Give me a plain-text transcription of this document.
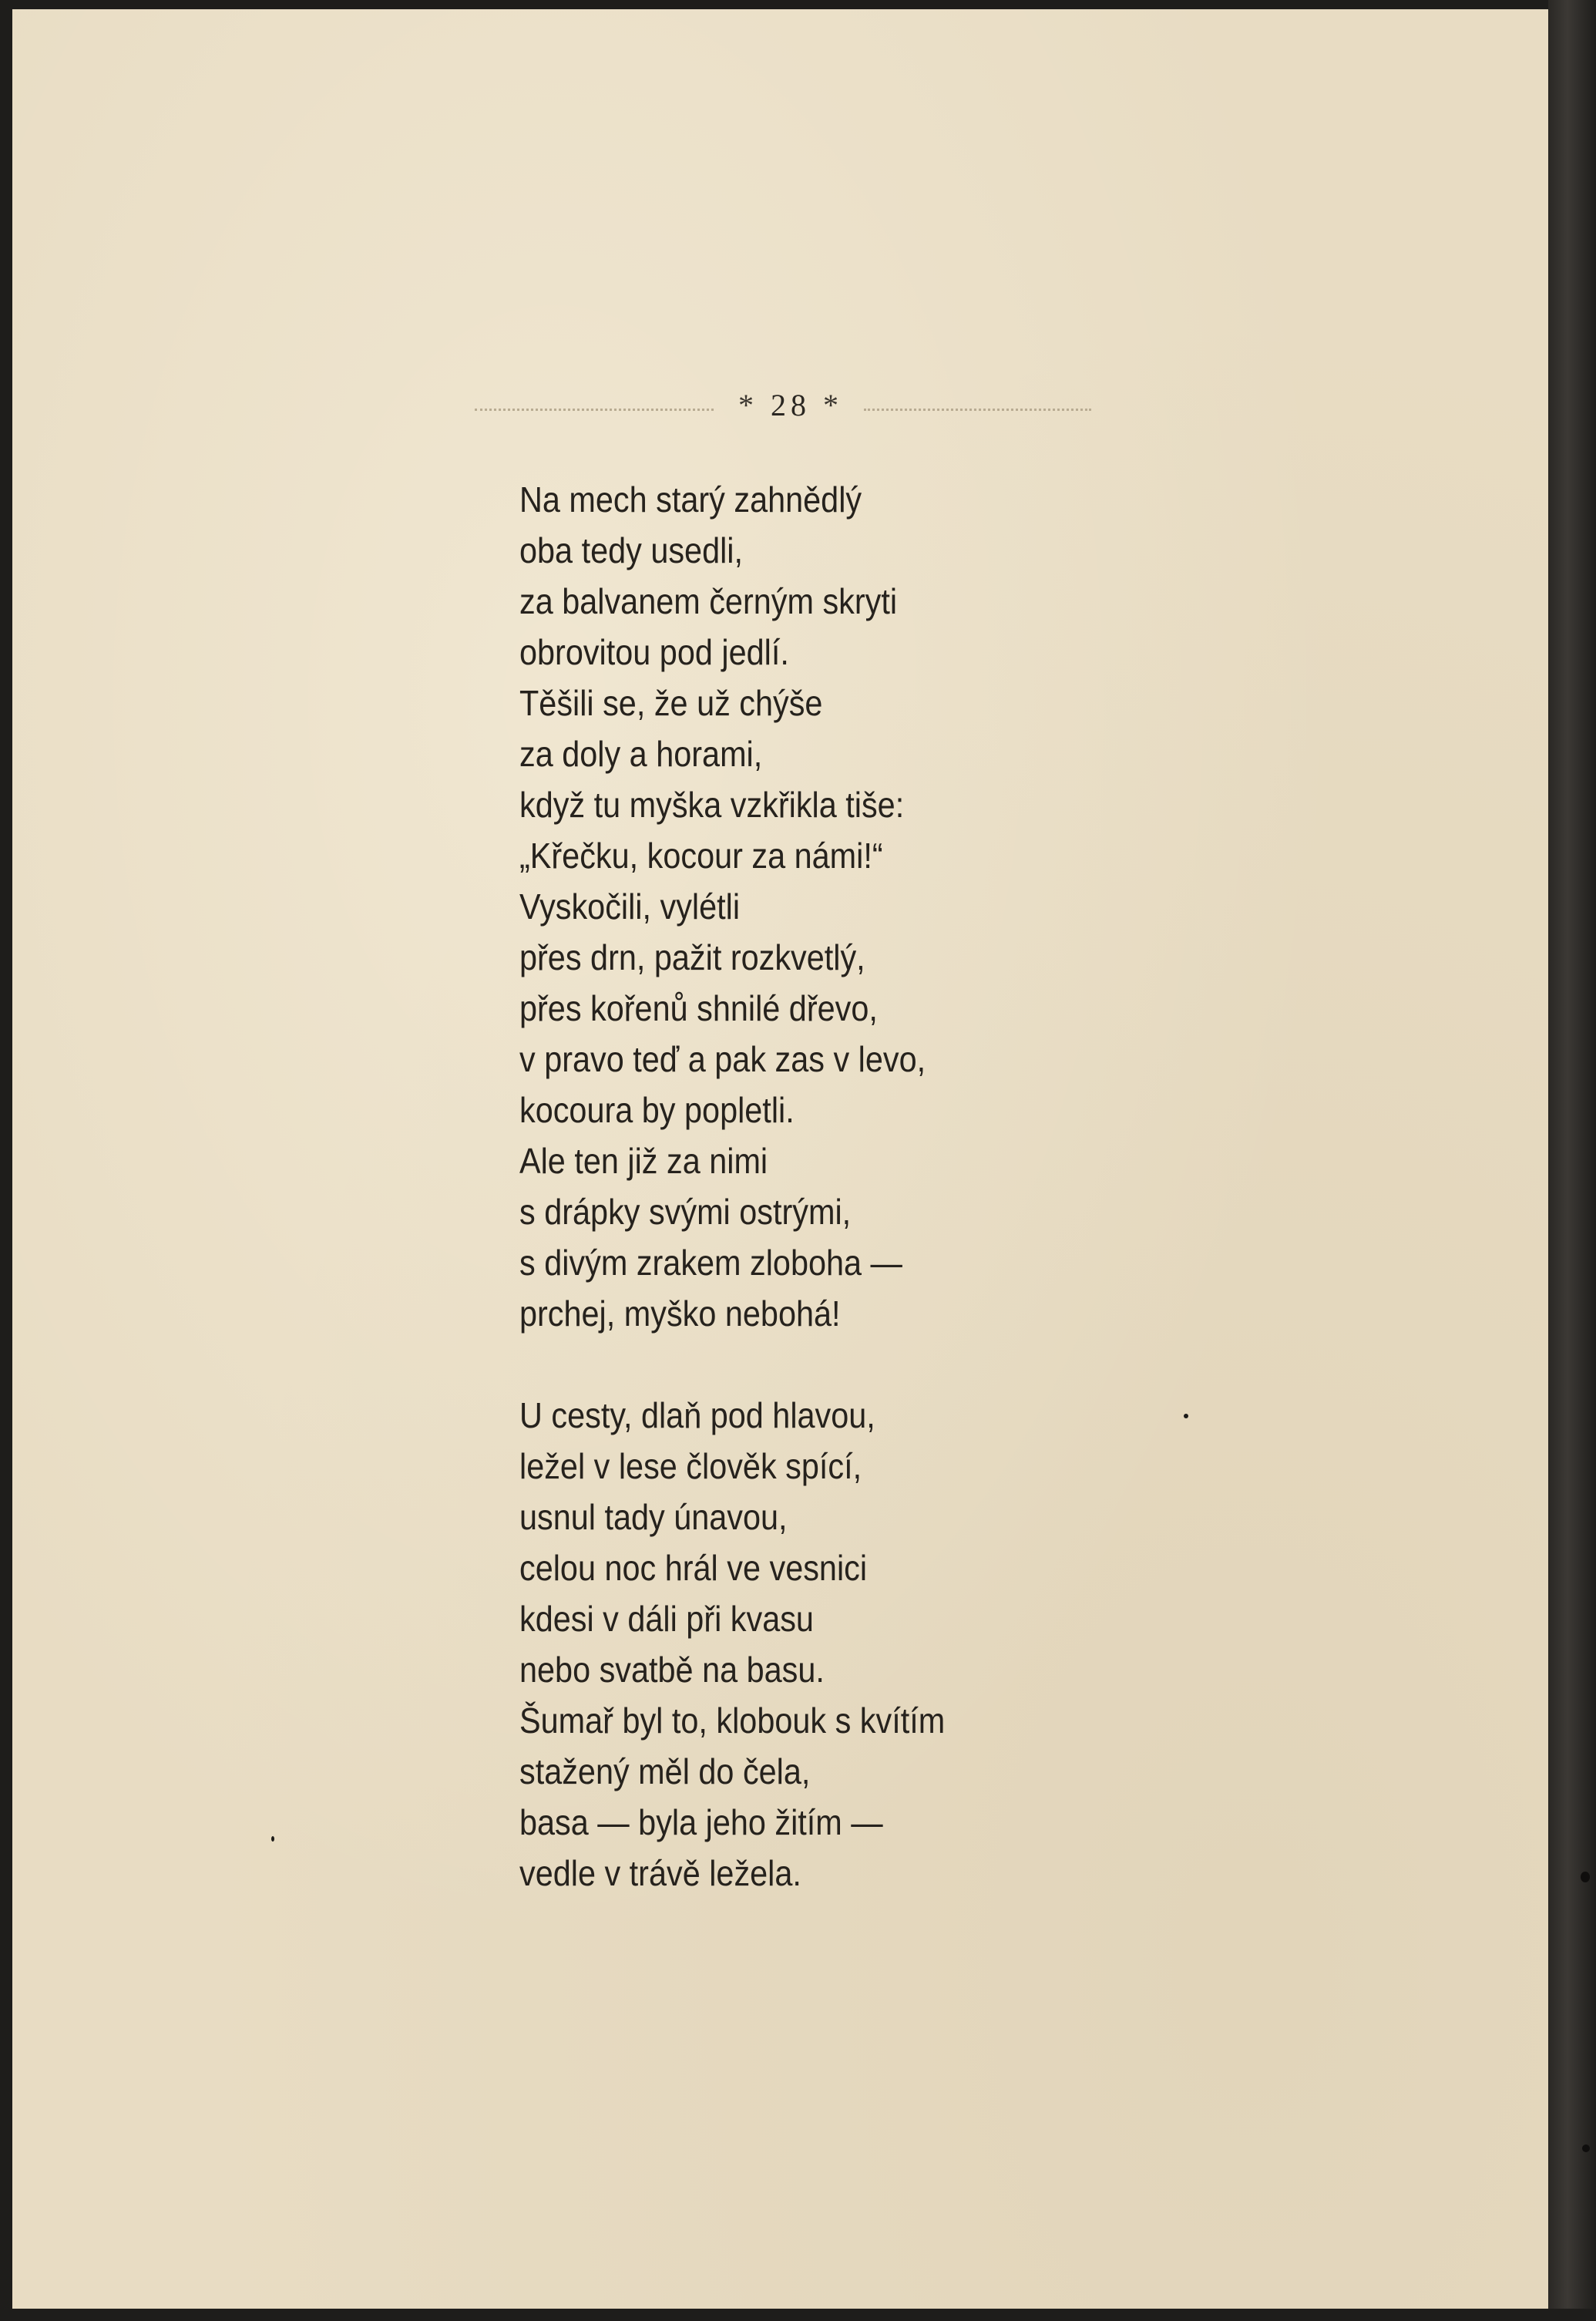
* 28 *
Na mech starý zahnědlý
oba tedy usedli,
za balvanem černým skryti
obrovitou pod jedlí.
Těšili se, že už chýše
za doly a horami,
když tu myška vzkřikla tiše:
„Křečku, kocour za námi!“
Vyskočili, vylétli
přes drn, pažit rozkvetlý,
přes kořenů shnilé dřevo,
v pravo teď a pak zas v levo,
kocoura by popletli.
Ale ten již za nimi
s drápky svými ostrými,
s divým zrakem zloboha —
prchej, myško nebohá!
U cesty, dlaň pod hlavou,
ležel v lese člověk spící,
usnul tady únavou,
celou noc hrál ve vesnici
kdesi v dáli při kvasu
nebo svatbě na basu.
Šumař byl to, klobouk s kvítím
stažený měl do čela,
basa — byla jeho žitím —
vedle v trávě ležela.
